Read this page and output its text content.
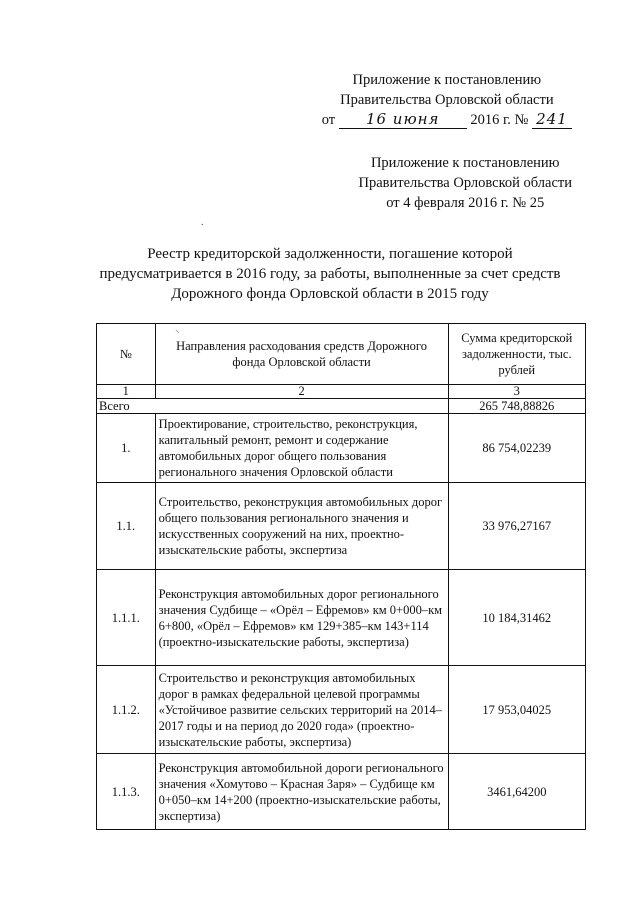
Приложение к постановлению
Правительства Орловской области
от 16 июня 2016 г. № 241
Приложение к постановлению
Правительства Орловской области
от 4 февраля 2016 г. № 25
.
Реестр кредиторской задолженности, погашение которой
предусматривается в 2016 году, за работы, выполненные за счет средств
Дорожного фонда Орловской области в 2015 году
№	Направления расходования средств Дорожного фонда Орловской области	Сумма кредиторской задолженности, тыс. рублей
1	2	3
Всего		265 748,88826
1.	Проектирование, строительство, реконструкция, капитальный ремонт, ремонт и содержание автомобильных дорог общего пользования регионального значения Орловской области	86 754,02239
1.1.	Строительство, реконструкция автомобильных дорог общего пользования регионального значения и искусственных сооружений на них, проектно-изыскательские работы, экспертиза	33 976,27167
1.1.1.	Реконструкция автомобильных дорог регионального значения Судбище – «Орёл – Ефремов» км 0+000–км 6+800, «Орёл – Ефремов» км 129+385–км 143+114 (проектно-изыскательские работы, экспертиза)	10 184,31462
1.1.2.	Строительство и реконструкция автомобильных дорог в рамках федеральной целевой программы «Устойчивое развитие сельских территорий на 2014–2017 годы и на период до 2020 года» (проектно-изыскательские работы, экспертиза)	17 953,04025
1.1.3.	Реконструкция автомобильной дороги регионального значения «Хомутово – Красная Заря» – Судбище км 0+050–км 14+200 (проектно-изыскательские работы, экспертиза)	3461,64200
⸌
